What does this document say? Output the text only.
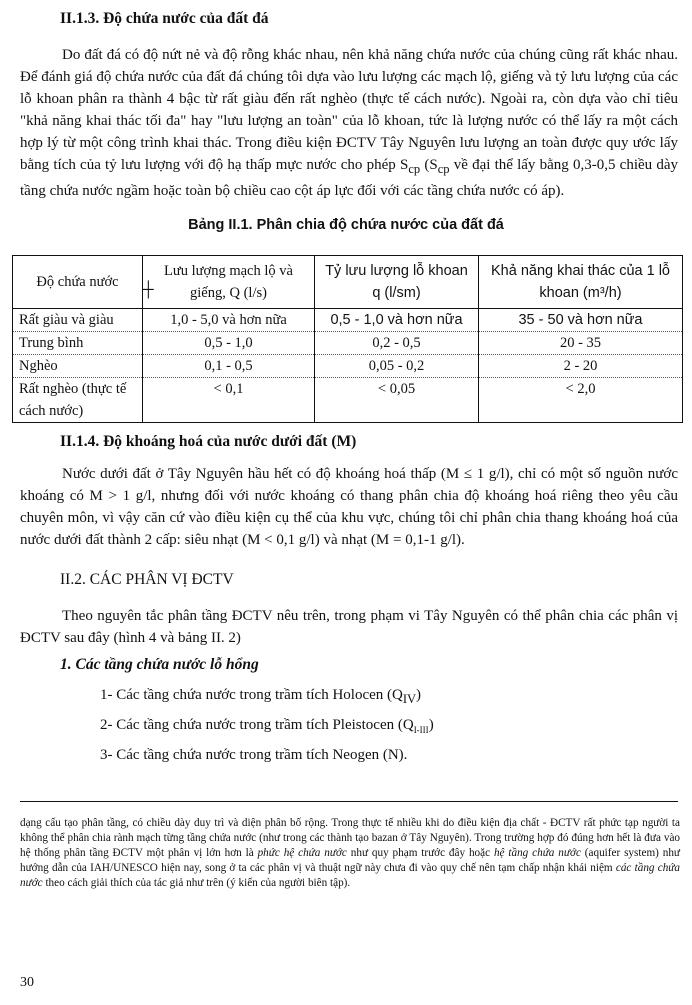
II.1.3. Độ chứa nước của đất đá

Do đất đá có độ nứt nẻ và độ rỗng khác nhau, nên khả năng chứa nước của chúng cũng rất khác nhau. Để đánh giá độ chứa nước của đất đá chúng tôi dựa vào lưu lượng các mạch lộ, giếng và tỷ lưu lượng của các lỗ khoan phân ra thành 4 bậc từ rất giàu đến rất nghèo (thực tế cách nước). Ngoài ra, còn dựa vào chỉ tiêu "khả năng khai thác tối đa" hay "lưu lượng an toàn" của lỗ khoan, tức là lượng nước có thể lấy ra một cách hợp lý từ một công trình khai thác. Trong điều kiện ĐCTV Tây Nguyên lưu lượng an toàn được quy ước lấy bằng tích của tỷ lưu lượng với độ hạ thấp mực nước cho phép $S_{cp}$ ($S_{cp}$ về đại thể lấy bằng 0,3-0,5 chiều dày tầng chứa nước ngầm hoặc toàn bộ chiều cao cột áp lực đối với các tầng chứa nước có áp).

Bảng II.1. Phân chia độ chứa nước của đất đá

Độ chứa nước	Lưu lượng mạch lộ và giếng, Q (l/s)	Tỷ lưu lượng lỗ khoan q (l/sm)	Khả năng khai thác của 1 lỗ khoan (m³/h)
Rất giàu và giàu	1,0 - 5,0 và hơn nữa	0,5 - 1,0 và hơn nữa	35 - 50 và hơn nữa
Trung bình	0,5 - 1,0	0,2 - 0,5	20 - 35
Nghèo	0,1 - 0,5	0,05 - 0,2	2 - 20
Rất nghèo (thực tế cách nước)	< 0,1	< 0,05	< 2,0
┼

II.1.4. Độ khoáng hoá của nước dưới đất (M)

Nước dưới đất ở Tây Nguyên hầu hết có độ khoáng hoá thấp (M ≤ 1 g/l), chỉ có một số nguồn nước khoáng có M > 1 g/l, nhưng đối với nước khoáng có thang phân chia độ khoáng hoá riêng theo yêu cầu chuyên môn, vì vậy căn cứ vào điều kiện cụ thể của khu vực, chúng tôi chỉ phân chia thang khoáng hoá của nước dưới đất thành 2 cấp: siêu nhạt (M < 0,1 g/l) và nhạt (M = 0,1-1 g/l).

II.2. CÁC PHÂN VỊ ĐCTV

Theo nguyên tắc phân tầng ĐCTV nêu trên, trong phạm vi Tây Nguyên có thể phân chia các phân vị ĐCTV sau đây (hình 4 và bảng II. 2)

1. Các tầng chứa nước lỗ hổng

1- Các tầng chứa nước trong trầm tích Holocen $(Q_{IV})$

2- Các tầng chứa nước trong trầm tích Pleistocen $(Q_{I-III})$

3- Các tầng chứa nước trong trầm tích Neogen (N).

dạng cấu tạo phân tầng, có chiều dày duy trì và diện phân bố rộng. Trong thực tế nhiều khi do điều kiện địa chất - ĐCTV rất phức tạp người ta không thể phân chia rành mạch từng tầng chứa nước (như trong các thành tạo bazan ở Tây Nguyên). Trong trường hợp đó đúng hơn hết là đưa vào hệ thống phân tầng ĐCTV một phân vị lớn hơn là phức hệ chứa nước như quy phạm trước đây hoặc hệ tầng chứa nước (aquifer system) như hướng dẫn của IAH/UNESCO hiện nay, song ở ta các phân vị và thuật ngữ này chưa đi vào quy chế nên tạm chấp nhận khái niệm các tầng chứa nước theo cách giải thích của tác giả như trên (ý kiến của người biên tập).

30
